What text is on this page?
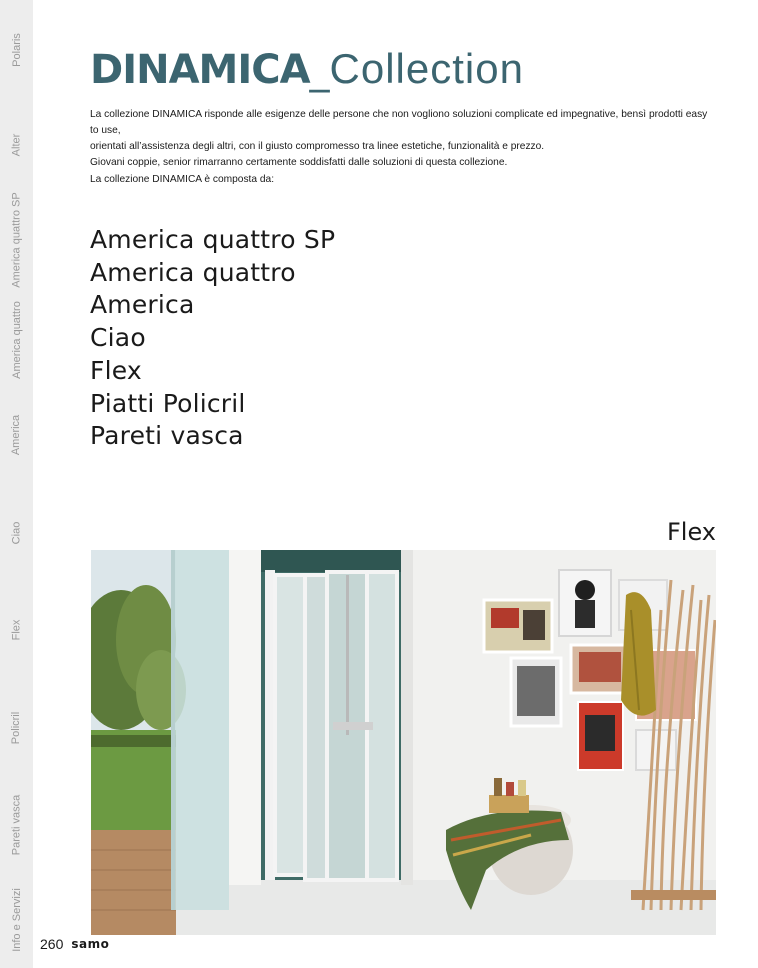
Polaris
Alter
America quattro SP
America quattro
America
Ciao
Flex
Policril
Pareti vasca
Info e Servizi
DINAMICA_Collection

La collezione DINAMICA risponde alle esigenze delle persone che non vogliono soluzioni complicate ed impegnative, bensì prodotti easy to use,

orientati all’assistenza degli altri, con il giusto compromesso tra linee estetiche, funzionalità e prezzo.

Giovani coppie, senior rimarranno certamente soddisfatti dalle soluzioni di questa collezione.

La collezione DINAMICA è composta da:
America quattro SP
America quattro
America
Ciao
Flex
Piatti Policril
Pareti vasca
Flex
260 samo
